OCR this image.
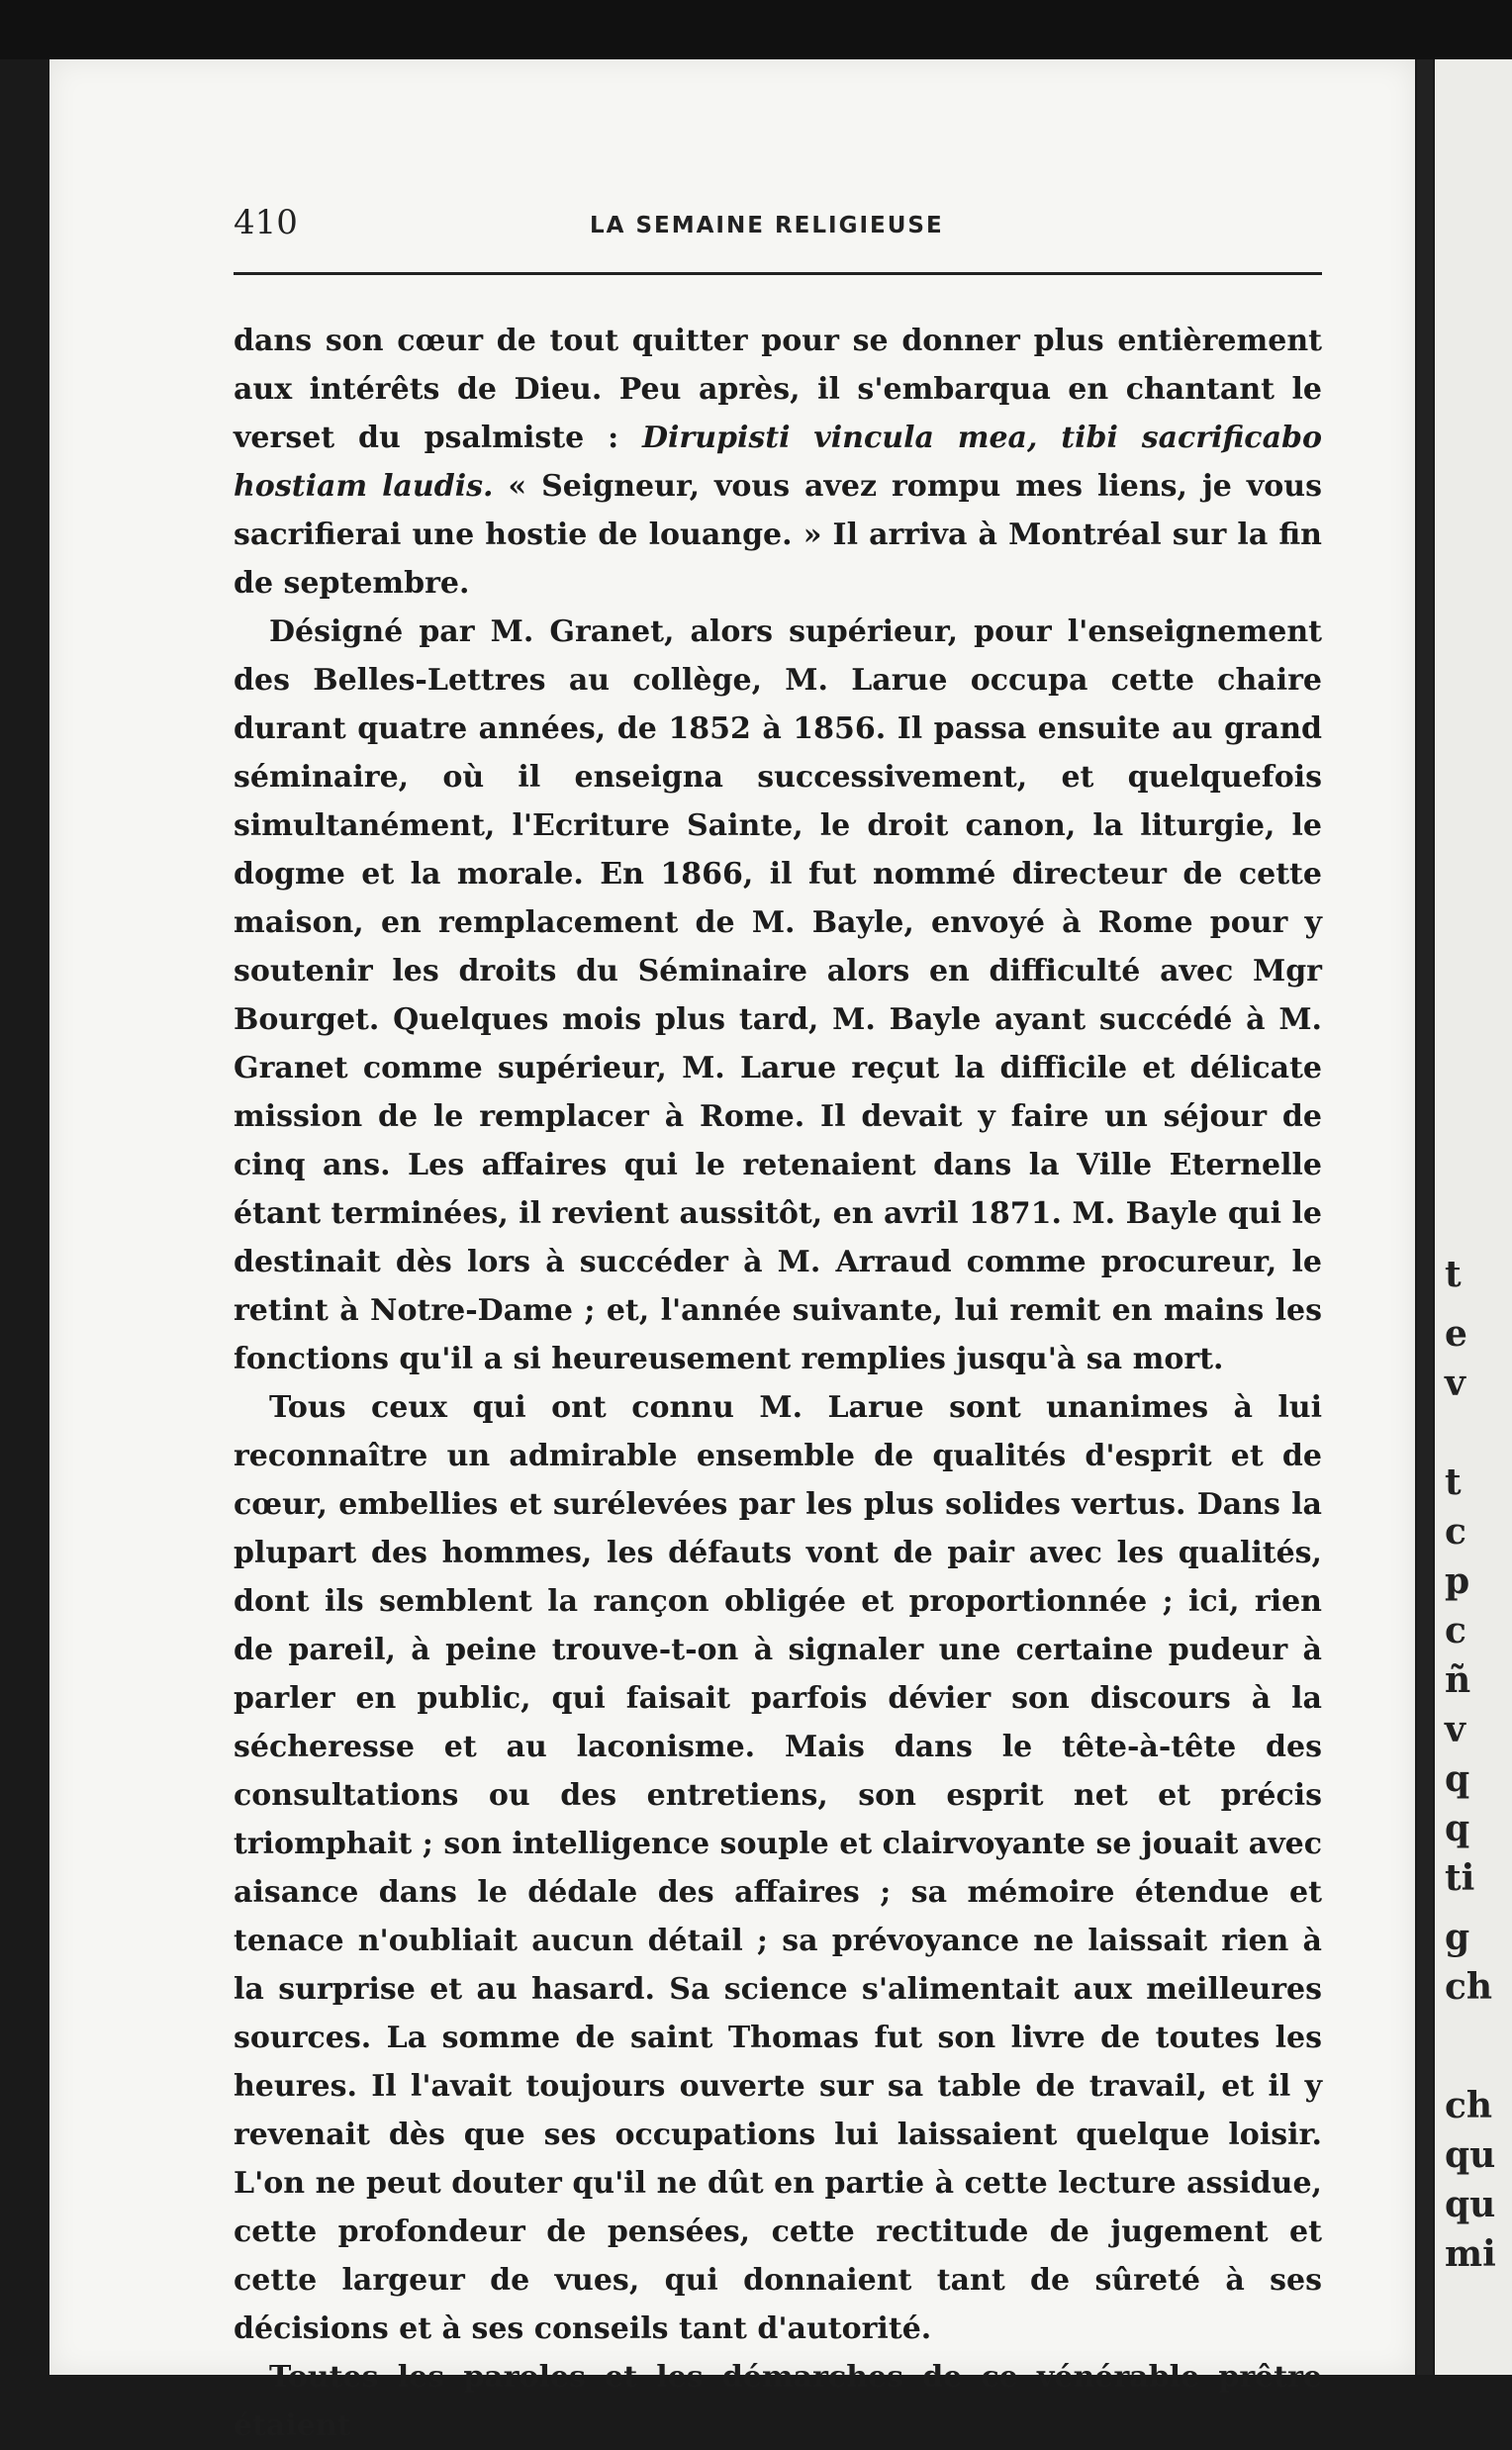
t
e
v
t
c
p
c
ñ
v
q
q
ti
g
ch
ch
qu
qu
mi
410	LA SEMAINE RELIGIEUSE

dans son cœur de tout quitter pour se donner plus entièrement aux intérêts de Dieu. Peu après, il s'embarqua en chantant le verset du psalmiste : Dirupisti vincula mea, tibi sacrificabo hostiam laudis. « Seigneur, vous avez rompu mes liens, je vous sacrifierai une hostie de louange. » Il arriva à Montréal sur la fin de septembre.

Désigné par M. Granet, alors supérieur, pour l'enseignement des Belles-Lettres au collège, M. Larue occupa cette chaire durant quatre années, de 1852 à 1856. Il passa ensuite au grand séminaire, où il enseigna successivement, et quelquefois simultanément, l'Ecriture Sainte, le droit canon, la liturgie, le dogme et la morale. En 1866, il fut nommé directeur de cette maison, en remplacement de M. Bayle, envoyé à Rome pour y soutenir les droits du Séminaire alors en difficulté avec Mgr Bourget. Quelques mois plus tard, M. Bayle ayant succédé à M. Granet comme supérieur, M. Larue reçut la difficile et délicate mission de le remplacer à Rome. Il devait y faire un séjour de cinq ans. Les affaires qui le retenaient dans la Ville Eternelle étant terminées, il revient aussitôt, en avril 1871. M. Bayle qui le destinait dès lors à succéder à M. Arraud comme procureur, le retint à Notre-Dame ; et, l'année suivante, lui remit en mains les fonctions qu'il a si heureusement remplies jusqu'à sa mort.

Tous ceux qui ont connu M. Larue sont unanimes à lui reconnaître un admirable ensemble de qualités d'esprit et de cœur, embellies et surélevées par les plus solides vertus. Dans la plupart des hommes, les défauts vont de pair avec les qualités, dont ils semblent la rançon obligée et proportionnée ; ici, rien de pareil, à peine trouve-t-on à signaler une certaine pudeur à parler en public, qui faisait parfois dévier son discours à la sécheresse et au laconisme. Mais dans le tête-à-tête des consultations ou des entretiens, son esprit net et précis triomphait ; son intelligence souple et clairvoyante se jouait avec aisance dans le dédale des affaires ; sa mémoire étendue et tenace n'oubliait aucun détail ; sa prévoyance ne laissait rien à la surprise et au hasard. Sa science s'alimentait aux meilleures sources. La somme de saint Thomas fut son livre de toutes les heures. Il l'avait toujours ouverte sur sa table de travail, et il y revenait dès que ses occupations lui laissaient quelque loisir. L'on ne peut douter qu'il ne dût en partie à cette lecture assidue, cette profondeur de pensées, cette rectitude de jugement et cette largeur de vues, qui donnaient tant de sûreté à ses décisions et à ses conseils tant d'autorité.

Toutes les paroles et les démarches de ce vénérable prêtre étaient
